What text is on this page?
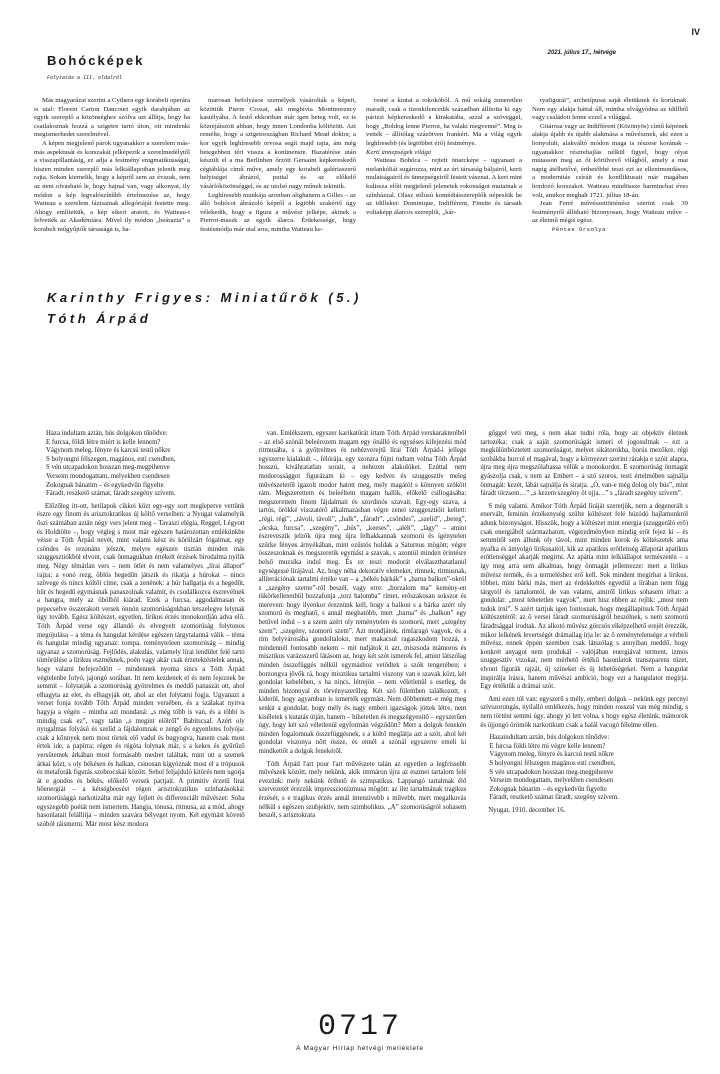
IV
2021. július 17., hétvége
Bohócképek
Folytatás a III. oldalról

Más magyarázat szerint a Cythera egy korabeli operára is utal: Florent Carton Dancourt egyik darabjában az egyik szereplő a közönséghez szólva azt állítja, hogy ha csatlakoznak hozzá a szigetre tartó úton, ott mindenki megismerhedet szerelmével.

A képen megjelenő párok ugyanakkor a szerelem más-más aspektusát és korszakát jelképezik a szerelmedélytől a visszapillantásig, ez adja a festmény enigmatikusságát, hiszen minden szereplő más lelkiállapotban jelenik meg rajta. Sokan kiemelik, hogy a képről sem az évszak, sem az nem olvasható le, hogy hajnal van, vagy alkonyat, ily módon a kép legvalószínűbb értelmezése az, hogy Watteau a szerelem fázisainak allegóriáját festette meg. Ahogy említettük, a kép sikert aratott, és Watteau-t felvették az Akadémiára. Mivel ily módon „beárazta” a korabeli műgyűjtők társasága is, ha-

marosan befolyásos személyek vásárolták a képeit, közöttük Pierre Crozat, aki meghívta Montmorency kastélyába. A festő ekkoriban már igen beteg volt, ez is közrejátszott abban, hogy innen Londonba költözött. Azt remélte, hogy a szigetországban Richard Mead doktor, a kor egyik leghíresebb orvosa segít majd rajta, ám még betegebben tért vissza a kontinensre. Hazatérése után készült el a ma Berlinben őrzött Gersaint képkereskedő cégtáblája című műve, amely egy korabeli galériaszerű helyiséget ábrázol, puttal és az előkelő vásárlóközönséggel, és az utolsó nagy műnek tekintik.

Leghíresebb munkája azonban alighanem a Gilles – az álló bohócot ábrázoló képről a legtöbb szakértő úgy vélekedik, hogy a figura a művész jelképe, akinek a Pierrot-maszk az egyik álarca. Érdekessége, hogy festésmódja már utal arra, mintha Watteau ke-

resné a kiutat a rokokóból. A mű sokáig ismeretlen maradt, csak a tizenkilencedik században állította ki egy párizsi képkereskedő a kirakatába, azzal a szöveggel, hogy „Boldog lenne Pierrot, ha valaki megvenné”. Meg is vették – állítólag százötven frankért. Ma a világ egyik leghíresebb (és legtöbbet érő) festménye.

Kerti ünnepségek világa

Watteau Bohóca – rejtett önarcképe – ugyanazt a melankóliát sugározza, mint az úri társaság báljairól, kerti mulatságairól és ünnepségeiről festett vásznai. A kert mint kulissza előtt megjelenő jelenetek rokonságot mutatnak a színházzal. Olasz stílusú komédiásszereplők népesítik be az idilleket: Dominique, Indifférent, Finette és társaik voltaképp álarcos szereplői, „kár-

tyafigurái”, archetípusai saját életüknek és koruknak. Nem egy alakja háttal áll, mintha elvágyódna az idillből vagy családott lenne ezzel a világgal.

Gitárosa vagy az Indifférent (Közönyös) című képének alakja újabb és újabb alakmása a művésznek, aki ezen a bonyolult, alakváltó módon maga is részese korának – ugyanakkor részrehajlás nélkül figyel, hogy olyat mutasson meg az őt körülvevő világból, amely a mai napig átélhetővé, érthetőbbé teszi ezt az ellentmondásos, a modernitás csíráit és konfliktusait már magában hordozó korszakot. Watteau mindössze harminchat éves volt, amikor meghalt 1721. július 18-án.

Jean Ferré művészettörténész szerint csak 39 festményről állítható bizonyosan, hogy Watteau műve – az életmű mégis egész.

Pénteк Orsolya

Karinthy Frigyes: Miniatűrök (5.)
Tóth Árpád
Haza indultam aztán, bús dolgokon tűnődve:
E furcsa, földi létre miért is kelle lennem?
Vágynom meleg, fényre és karcsú testű nőkre
S bolyongni félszegen, magános, esti csendben,
S vén utcapadokon hosszan meg-megpihenve
Verseim mondogattam, melyekben csendesen
Zokognak bánatim – és egykedvűn figyelte
Fáradt, reszkető számat, fáradt szegény szívem.

Előzőleg itt-ott, hetilapok cikkei közt egy-egy sort meglepetve vettünk észre egy finom és arisztokratikus új költő verseiben: a Nyugat valamelyik őszi számában aztán négy vers jelent meg – Tavaszi elégia, Reggel, Légyott és Holdtölte –, hogy végleg s most már egészen határozottan emlékünkbe vésse a Tóth Árpád nevét, mint valami kész és körülzárt fogalmat, egy csöndes és rezonáns jelszót, melyre egészen tisztán minden más szuggesztiókból elvont, csak önmagukban értékelt érzések birodalma nyílik meg. Négy témátlan vers – nem ötlet és nem valamelyes „lírai állapot” rajza; a vonó rezg, öblös hegedűn játszik és rikatja a húrokat – nincs szövege és nincs költői címe, csak a zenének: a húr hallgatja és a hegedűt, hűr és hegedű egymásnak panaszolnak valamit, és csodálkozva észrevélnek a hangra, mely az öbölből kiárad. Ezek a furcsa, aggodalmasan és pepecselve összerakott versek önnön szomorúságukban tetszelegve lelynak úgy tovább. Egész költészet, egyetlen, lírikus érzés monokordján adva elő. Tóth Árpád verse egy állandó és elvegyett szomorúság folytonos megújulása – a téma és hangulat kérdése egészen tárgytalanná válik – téma és hangulat mindig ugyanaz: tompa, reményteleen szomorúság – mindig ugyanaz a szomorúság. Fejlődés, alakulás, valamely lírai lendület felé tartó tömörülése a lírikus eszméknek, poén vagy akár csak érzetektéstelek annak, hogy valami befejeződött – mindennek nyoma sincs a Tóth Árpád végtelenbe folyó, jajongó sorában. Itt nem kezdenek el és nem fejeznek be semmit – folytatják a szomorúság gyötrelmes és meddő panaszát ott, ahol elhagyta az elet, és elhagyják ott, ahol az elet folytatni fogja. Ugyanazt a verset fonja tovább Tóth Árpád minden versében, és a szálakat nyitva hagyja a végén – mintha azt mondaná: „s még több is van, és a többi is mindig csak ez”, vagy talán „s megint előlről” Babitscsal. Azért oly nyugalmas folyású és szelíd a fájdalomnak e zengő és egyenletes folyója: csak a kőnnyek nem most törtek elő vadul és bugyogva, hanem csak most értek ide, a papírra; régen és régóta folynak már, s a kekes és gyűrűző versütemek árkában most formásabb medret találtak, mint ott a szemek árkai közt, s oly békésen és halkan, csinosan kígyóznak most el a trópusok és metaforák figurás szobrocskái között. Sehol feljajduló kitörés nem ugorja át e gondos és békés, előkelő versek partjait. A primitív érzetű lírai hőenergiát – a kétségbeesést régen arisztokratikus színhatásokká: szomorúsággá narkotizálta már egy fejlett és differenciált művészet: Soha egyszegebb poétát nem ismertem. Hangja, tónusa, ritmusa, az a mód, ahogy hasonlatait felállítja – minden szavára bélyeget nyom. Két egymást követő szóból ráismerni. Már most kész modora

van. Emlékszem, egyszer karikatúrát írtam Tóth Árpád verskarakteréből – az első szónál beleérezem magam egy önálló és egyséses kifejezési mód ritmusába, s a győtrelmes és nehézverejtű lírai Tóth Árpád-i jellege egyszerre kialakult –, félórája, egy szonzra fújni tudtam volna Tóth Árpád hosszú, kiváhratatlan sorait, a nehezen alakulóket. Ezúttal nem modorossággot figurázam ki – egy kedves és szuggesztív meleg művészeteről igazolt modor hatott meg, mely magától s könnyen szökött rám. Megszerettem és beleéltem magam hallik, előkelő csillogásába: megszerettem finom fájdalmait és szordinós szavait. Egy-egy szava, a tartós, örökké visszatérő alkalmazásban végre zenei szuggesztióit keltett: „régi, régi”, „távoli, távoli”, „halk”, „fáradt”, „csöndes”, „szelíd”, „beteg”, „ócska, furcsa”, „szegény”, „bús”, „keeses”, „alélt”, „lágy” – amint észreveszik jelzők újra meg újra felhakkannak szomorú és ígénytelen szürke fényeк árnyékában, mint ezüstös holdak a Saturnus mögött; végre összeszoknak és megszeretik egymást a szavak, s azontúl minden érintésre belső muzsika indul meg. És ez teszi modorát elválaszthatatlanul egységessé lírájával. Az, hogy néha dekoratív elemeket, rímnek, ritmusnak, alliterációnak tartalmi értéke van – a „békés bárkák” s „barna balkon”-okról s „szegény szerne”-ről beszél, vagy erre: „borzalom ma” kemény-en tükörkelletenhül hozzafonja „torz halomba” rímet, erőszakosan sokszor és mereven: hogy ilyenkor éreznünk kell, hogy a balkon s a bárka azért oly szomorú és meghatő, s annál meghatóbb, mert „barna” és „balkon” egy betűvel indul – s a szem azért oly reménytelen és szomorú, mert „szegény szem”; „szegény, szomorú szem”. Azt mondjátok, rímfaragó vagyok, és a rím belyvárosába gondoltalokn, mert makacsul ragaszkodom hozzá, s mindennél fontosabb nekem – mit tudjátok ti azt, miszsoda mámoros és misztikus varázsszerű látásom az, hogy két szót ismerek fel, amint látszólag minden összefüggés nélkül egymáshoz vetődtek a szók tengerében; s borzongva jövők rá, hogy misztikus tartalmi viszony van e szavak közt, két gondolat kebelében, s ha nincs, létrejön – nem véletlenül s esetleg, de minden bizonnyal és törvényszerűleg. Két szó fülemben találkozott, s kiderül, hogy agyamban is ismerték egymást. Nem döbbentett–e még meg senkit a gondolat, hogy mély és nagy emberi igazságok jöttek létre, nem kiséletek s kutatás útján, hanem – hihetetlen és megszégyenítő – egyszerűen úgy, hogy két szó véletlenül egyformán végződött? Mert a dolgok fenekén minden fogalomnak összefüggésnek, s a költő meglátja azt a szót, ahol két gondolat viszonya nőtt össze, és ennél a szónál egyszerre emeli ki mindkettőt a dolgok fenekéről.

Tóth Árpád l'art pour l'art művészete talán az egyetlen a legfrissebb művészek között, mely nekünk, akik immáron újra az eszmei tartalom felé evezünk: mely nekünk érthető és szimpatikus. Lappangó tartalmak élő szervezetét érezzük impresszionizmusa mögött: az ilet tartalmának tragikus érzését, s e tragikus érzés annál intenzívebb s művebb, mert megalkuvás nélkül s egészen szubjektív, nem szimbolikus. „A” szomorúságról sohasem beszél, s arisztokrata

gőggel veti meg, s nem akar tudni róla, hogy az objektív életnek tartozéka: csak a saját szomorúságát ismeri el jogosultnak – ezt a megkülönböztetett szomorúságot, melyet sikátorokba, borús mezőkre, régi szobákba hurcol el magával, hogy a környezet szerint rárakja e szóit alapra, újra meg újra megszólaltassa vélük a monokordot. E szomorúság önmagát gyászolja csak, s nem az Embert – a szó szoros, testi értelmében sajnálja önmagát: kezét, lábát sajnálja és siratja. „Ó, van-e még dolog oly bús”, mint fáradt törzsem…” „s kezem szegény öt ujja…” s „fáradt szegény szívem”.

S még valami. Amikor Tóth Árpád líráját szeretjük, nem a degenerált s enervált, feminin érzékenység szülte költészet felé húzódó hajlamunkról adunk bizonyságot. Hisszük, hogy a költészet mint energia (szuggeráló erő) csak energiából származhatott, végeredményben mindig erőt fejez ki – és semmitől sem állunk oly távol, mint minden korok és költészetek ama nyafka és ámyolgó lírikusaitól, kik az apatikus erőtlenség állapotát apatikus erőtlenséggel akarják megírni. Az apátia mint lelkiállapot természetén – s így meg arra sem alkalmas, hogy önmagát jellemezze: mert a lírikus művész termék, és a termeléshez erő kell. Sok mindent megírhat a lírikus, többet, mint bárki más, mert az érdekkeltés egyedül a lírában nem függ tárgytól és tartalomtól, de van valami, amiről lírikus sohasem írhat: a gondolat: „most tehetetlen vagyok”, mert hisz ebben az rejlik: „most nem tudok írni”. S azért tartjuk igen fontosnak, hogy megállapítsuk Tóth Árpád költészetéről: az ő versei fáradt szomorúságról beszélnek, s nem szomorú fáradtsággal írodtak. Az alkotó művész görcsös elképzelhető erejét érezzük, mikor lelkének levertségét drámailag írja le: az ő reménytelensége a vérbeli művész, ennek éppen szemben csak látszólag s annyiban meddő, hogy konkrét anyagot nem produkál - valójában energiával terment, izmos szuggesztív vizokat, nem mérhető értékű hasonlatok transzparens tüzet, elvont figurák rajzát, új színeket és új lehetőségeket. Nem a hangulat inspirálja írásra, hanem művészi ambíció, hogy ezt a hangulatot megírja. Egy értéktük a drámai szót.

Ami ezen túl van: egyszerű s mély, emberi dolgok – nekünk egy percnyi szívszorongás, nyilalló emlékezés, hogy minden rosszul van még mindig, s nem történt semmi úgy, ahogy jó lett volna, s hogy egész életünk, mámorok és újjongó örömök narkotikum csak a halál vacogó félelme ellen.

Hazaindultam aztán, bús dolgokon tűnődve:
E furcsa földi létre mi végre kelle lennem?
Vágynom meleg, fényre és karcsú testű nőkre
S bolyongni félszegen magános esti csendben,
S vén utcapadokon hosszan meg-megpihenve
Verseim mondogattam, melyekben csendesen
Zokognak bánatim – és egykedvűn figyelte
Fáradt, reszkető számat fáradt, szegény szívem.

Nyugat, 1910. december 16.

0717
A Magyar Hírlap hétvégi melléklete
